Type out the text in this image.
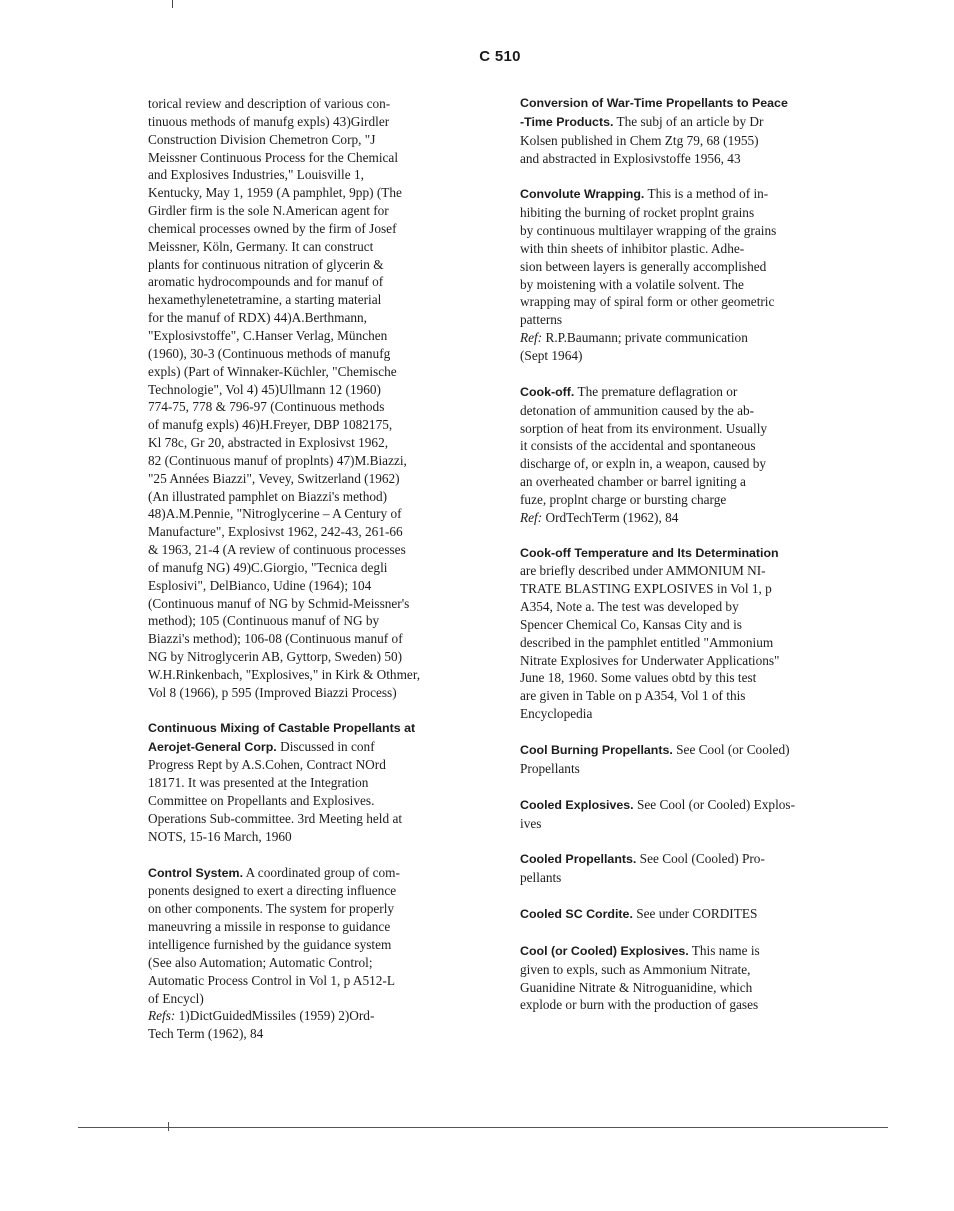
C 510
torical review and description of various con-
tinuous methods of manufg expls) 43)Girdler
Construction Division Chemetron Corp, "J
Meissner Continuous Process for the Chemical
and Explosives Industries," Louisville 1,
Kentucky, May 1, 1959 (A pamphlet, 9pp) (The
Girdler firm is the sole N.American agent for
chemical processes owned by the firm of Josef
Meissner, Köln, Germany. It can construct
plants for continuous nitration of glycerin &
aromatic hydrocompounds and for manuf of
hexamethylenetetramine, a starting material
for the manuf of RDX) 44)A.Berthmann,
"Explosivstoffe", C.Hanser Verlag, München
(1960), 30-3 (Continuous methods of manufg
expls) (Part of Winnaker-Küchler, "Chemische
Technologie", Vol 4) 45)Ullmann 12 (1960)
774-75, 778 & 796-97 (Continuous methods
of manufg expls) 46)H.Freyer, DBP 1082175,
Kl 78c, Gr 20, abstracted in Explosivst 1962,
82 (Continuous manuf of proplnts) 47)M.Biazzi,
"25 Années Biazzi", Vevey, Switzerland (1962)
(An illustrated pamphlet on Biazzi's method)
48)A.M.Pennie, "Nitroglycerine – A Century of
Manufacture", Explosivst 1962, 242-43, 261-66
& 1963, 21-4 (A review of continuous processes
of manufg NG) 49)C.Giorgio, "Tecnica degli
Esplosivi", DelBianco, Udine (1964); 104
(Continuous manuf of NG by Schmid-Meissner's
method); 105 (Continuous manuf of NG by
Biazzi's method); 106-08 (Continuous manuf of
NG by Nitroglycerin AB, Gyttorp, Sweden) 50)
W.H.Rinkenbach, "Explosives," in Kirk & Othmer,
Vol 8 (1966), p 595 (Improved Biazzi Process)
Continuous Mixing of Castable Propellants at
Aerojet-General Corp. Discussed in conf
Progress Rept by A.S.Cohen, Contract NOrd
18171. It was presented at the Integration
Committee on Propellants and Explosives.
Operations Sub-committee. 3rd Meeting held at
NOTS, 15-16 March, 1960
Control System. A coordinated group of com-
ponents designed to exert a directing influence
on other components. The system for properly
maneuvring a missile in response to guidance
intelligence furnished by the guidance system
(See also Automation; Automatic Control;
Automatic Process Control in Vol 1, p A512-L
of Encycl)
Refs: 1)DictGuidedMissiles (1959) 2)Ord-
Tech Term (1962), 84
Conversion of War-Time Propellants to Peace
-Time Products. The subj of an article by Dr
Kolsen published in Chem Ztg 79, 68 (1955)
and abstracted in Explosivstoffe 1956, 43
Convolute Wrapping. This is a method of in-
hibiting the burning of rocket proplnt grains
by continuous multilayer wrapping of the grains
with thin sheets of inhibitor plastic. Adhe-
sion between layers is generally accomplished
by moistening with a volatile solvent. The
wrapping may of spiral form or other geometric
patterns
Ref: R.P.Baumann; private communication
(Sept 1964)
Cook-off. The premature deflagration or
detonation of ammunition caused by the ab-
sorption of heat from its environment. Usually
it consists of the accidental and spontaneous
discharge of, or expln in, a weapon, caused by
an overheated chamber or barrel igniting a
fuze, proplnt charge or bursting charge
Ref: OrdTechTerm (1962), 84
Cook-off Temperature and Its Determination
are briefly described under AMMONIUM NI-
TRATE BLASTING EXPLOSIVES in Vol 1, p
A354, Note a. The test was developed by
Spencer Chemical Co, Kansas City and is
described in the pamphlet entitled "Ammonium
Nitrate Explosives for Underwater Applications"
June 18, 1960. Some values obtd by this test
are given in Table on p A354, Vol 1 of this
Encyclopedia
Cool Burning Propellants. See Cool (or Cooled)
Propellants
Cooled Explosives. See Cool (or Cooled) Explos-
ives
Cooled Propellants. See Cool (Cooled) Pro-
pellants
Cooled SC Cordite. See under CORDITES
Cool (or Cooled) Explosives. This name is
given to expls, such as Ammonium Nitrate,
Guanidine Nitrate & Nitroguanidine, which
explode or burn with the production of gases
